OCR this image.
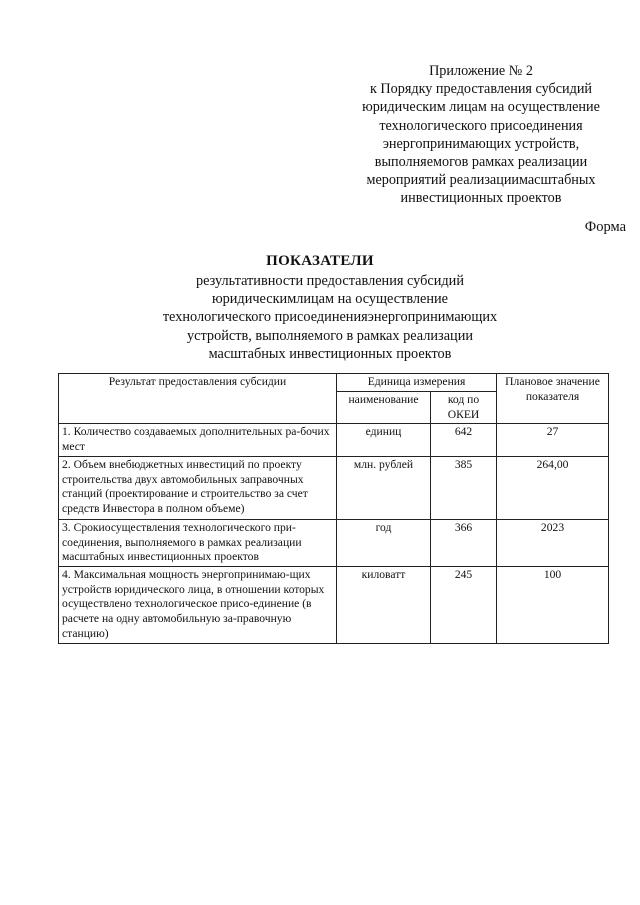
Приложение № 2
к Порядку предоставления субсидий
юридическим лицам на осуществление
технологического присоединения
энергопринимающих устройств,
выполняемогов рамках реализации
мероприятий реализациимасштабных
инвестиционных проектов
Форма
ПОКАЗАТЕЛИ
результативности предоставления субсидий
юридическимлицам на осуществление
технологического присоединенияэнергопринимающих
устройств, выполняемого в рамках реализации
масштабных инвестиционных проектов
Результат предоставления субсидии	Единица измерения		Плановое значение показателя
	наименование	код по ОКЕИ	
1. Количество создаваемых дополнительных ра-бочих мест	единиц	642	27
2. Объем внебюджетных инвестиций по проекту строительства двух автомобильных заправочных станций (проектирование и строительство за счет средств Инвестора в полном объеме)	млн. рублей	385	264,00
3. Срокиосуществления технологического при-соединения, выполняемого в рамках реализации масштабных инвестиционных проектов	год	366	2023
4. Максимальная мощность энергопринимаю-щих устройств юридического лица, в отношении которых осуществлено технологическое присо-единение (в расчете на одну автомобильную за-правочную станцию)	киловатт	245	100
